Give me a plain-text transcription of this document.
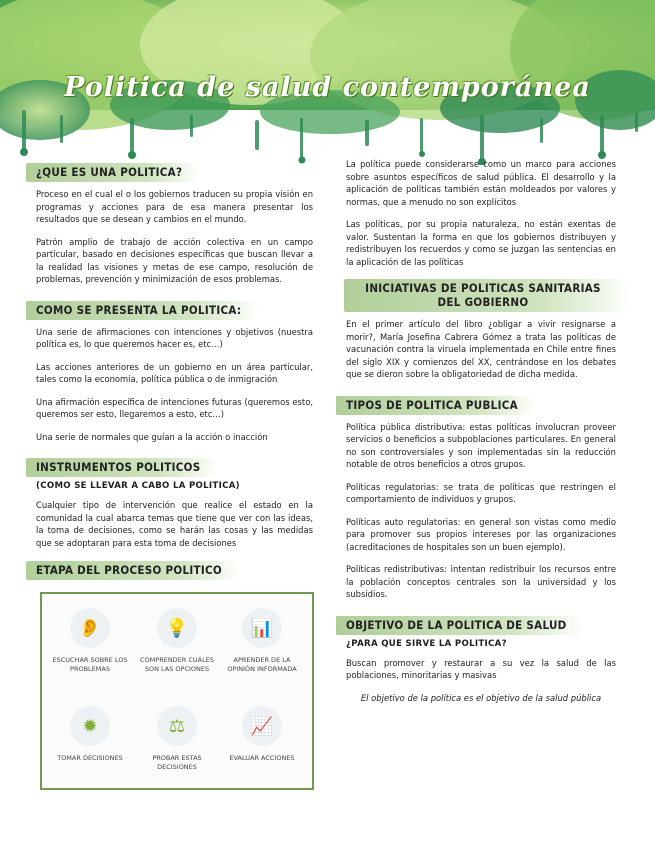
Politica de salud contemporánea
¿QUE ES UNA POLITICA?

Proceso en el cual el o los gobiernos traducen su propia visión en programas y acciones para de esa manera presentar los resultados que se desean y cambios en el mundo.

Patrón amplio de trabajo de acción colectiva en un campo particular, basado en decisiones específicas que buscan llevar a la realidad las visiones y metas de ese campo, resolución de problemas, prevención y minimización de esos problemas.

COMO SE PRESENTA LA POLITICA:

Una serie de afirmaciones con intenciones y objetivos (nuestra política es, lo que queremos hacer es, etc…)

Las acciones anteriores de un gobierno en un área particular, tales como la economía, política pública o de inmigración

Una afirmación específica de intenciones futuras (queremos esto, queremos ser esto, llegaremos a esto, etc…)

Una serie de normales que guían a la acción o inacción

INSTRUMENTOS POLITICOS
(COMO SE LLEVAR A CABO LA POLITICA)

Cualquier tipo de intervención que realice el estado en la comunidad la cual abarca temas que tiene que ver con las ideas, la toma de decisiones, como se harán las cosas y las medidas que se adoptaran para esta toma de decisiones

ETAPA DEL PROCESO POLITICO
👂
ESCUCHAR SOBRE LOS PROBLEMAS
💡
COMPRENDER CUÁLES SON LAS OPCIONES
📊
APRENDER DE LA OPINIÓN INFORMADA
✹
TOMAR DECISIONES
⚖
PROBAR ESTAS DECISIONES
📈
EVALUAR ACCIONES

La política puede considerarse como un marco para acciones sobre asuntos específicos de salud pública. El desarrollo y la aplicación de políticas también están moldeados por valores y normas, que a menudo no son explícitos

Las políticas, por su propia naturaleza, no están exentas de valor. Sustentan la forma en que los gobiernos distribuyen y redistribuyen los recuerdos y como se juzgan las sentencias en la aplicación de las políticas

INICIATIVAS DE POLITICAS SANITARIAS DEL GOBIERNO

En el primer artículo del libro ¿obligar a vivir resignarse a morir?, María Josefina Cabrera Gómez a trata las políticas de vacunación contra la viruela implementada en Chile entre fines del siglo XIX y comienzos del XX, centrándose en los debates que se dieron sobre la obligatoriedad de dicha medida.

TIPOS DE POLITICA PUBLICA

Política pública distributiva: estas políticas involucran proveer servicios o beneficios a subpoblaciones particulares. En general no son controversiales y son implementadas sin la reducción notable de otros beneficios a otros grupos.

Políticas regulatorias: se trata de políticas que restringen el comportamiento de individuos y grupos.

Políticas auto regulatorias: en general son vistas como medio para promover sus propios intereses por las organizaciones (acreditaciones de hospitales son un buen ejemplo).

Políticas redistributivas: intentan redistribuir los recursos entre la población conceptos centrales son la universidad y los subsidios.

OBJETIVO DE LA POLITICA DE SALUD
¿PARA QUE SIRVE LA POLITICA?

Buscan promover y restaurar a su vez la salud de las poblaciones, minoritarias y masivas

El objetivo de la política es el objetivo de la salud pública
